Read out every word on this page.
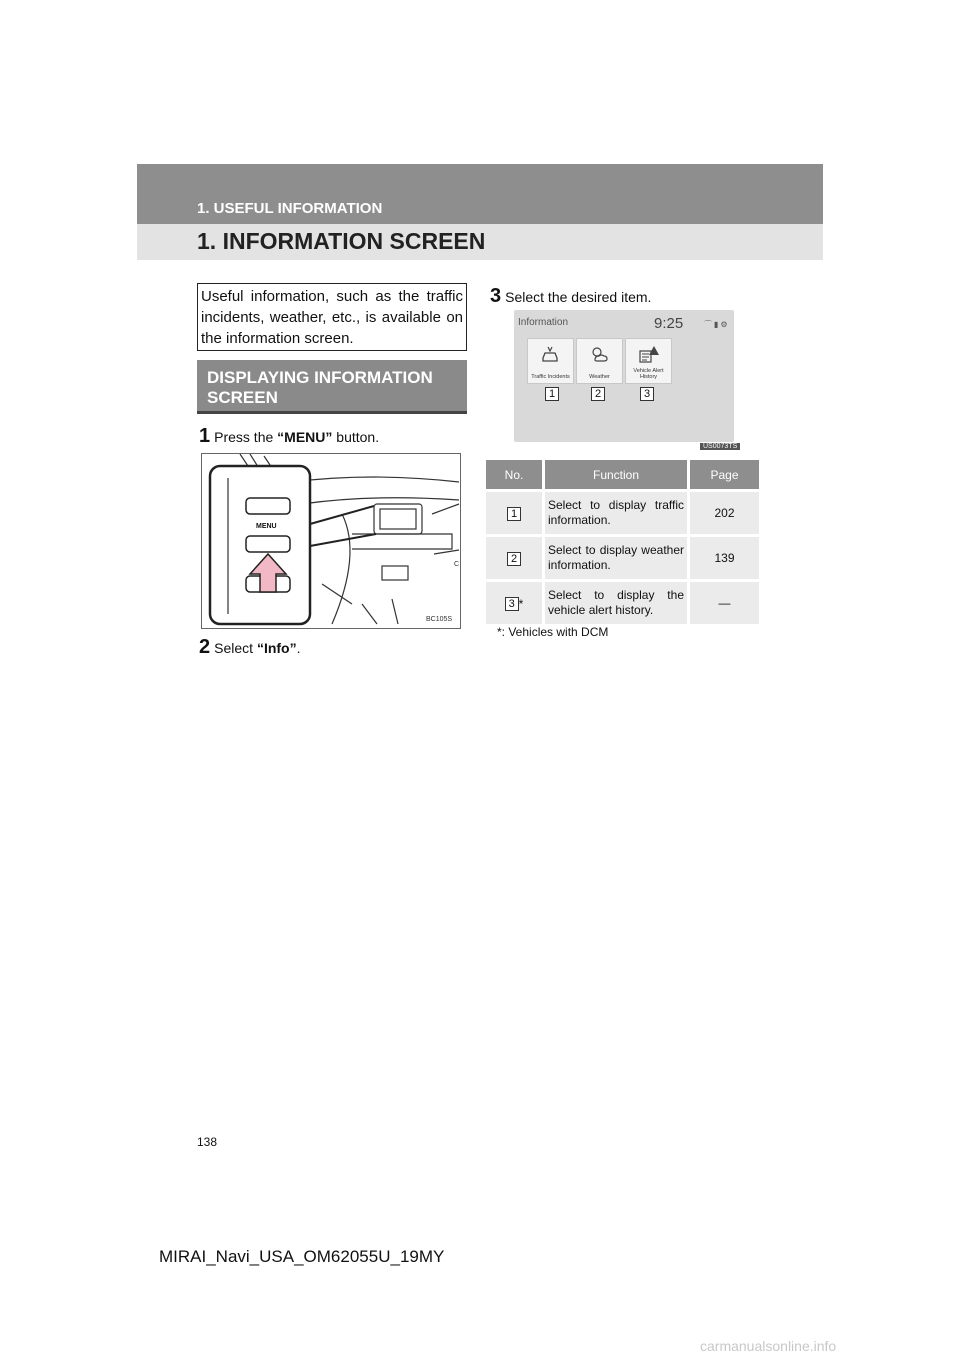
1. USEFUL INFORMATION
1. INFORMATION SCREEN
Useful information, such as the traffic incidents, weather, etc., is available on the information screen.
DISPLAYING INFORMATION SCREEN
1 Press the “MENU” button.
C
MENU
BC105S
2 Select “Info”.
3 Select the desired item.
Information	9:25	⌒▮⚙
Traffic Incidents	Weather
Vehicle Alert History
1	2	3
US0073TS
No.	Function	Page

1	Select to display traffic information.	202

2	Select to display weather information.	139

3 *	Select to display the vehicle alert history.	—
*: Vehicles with DCM
138
MIRAI_Navi_USA_OM62055U_19MY
carmanualsonline.info
